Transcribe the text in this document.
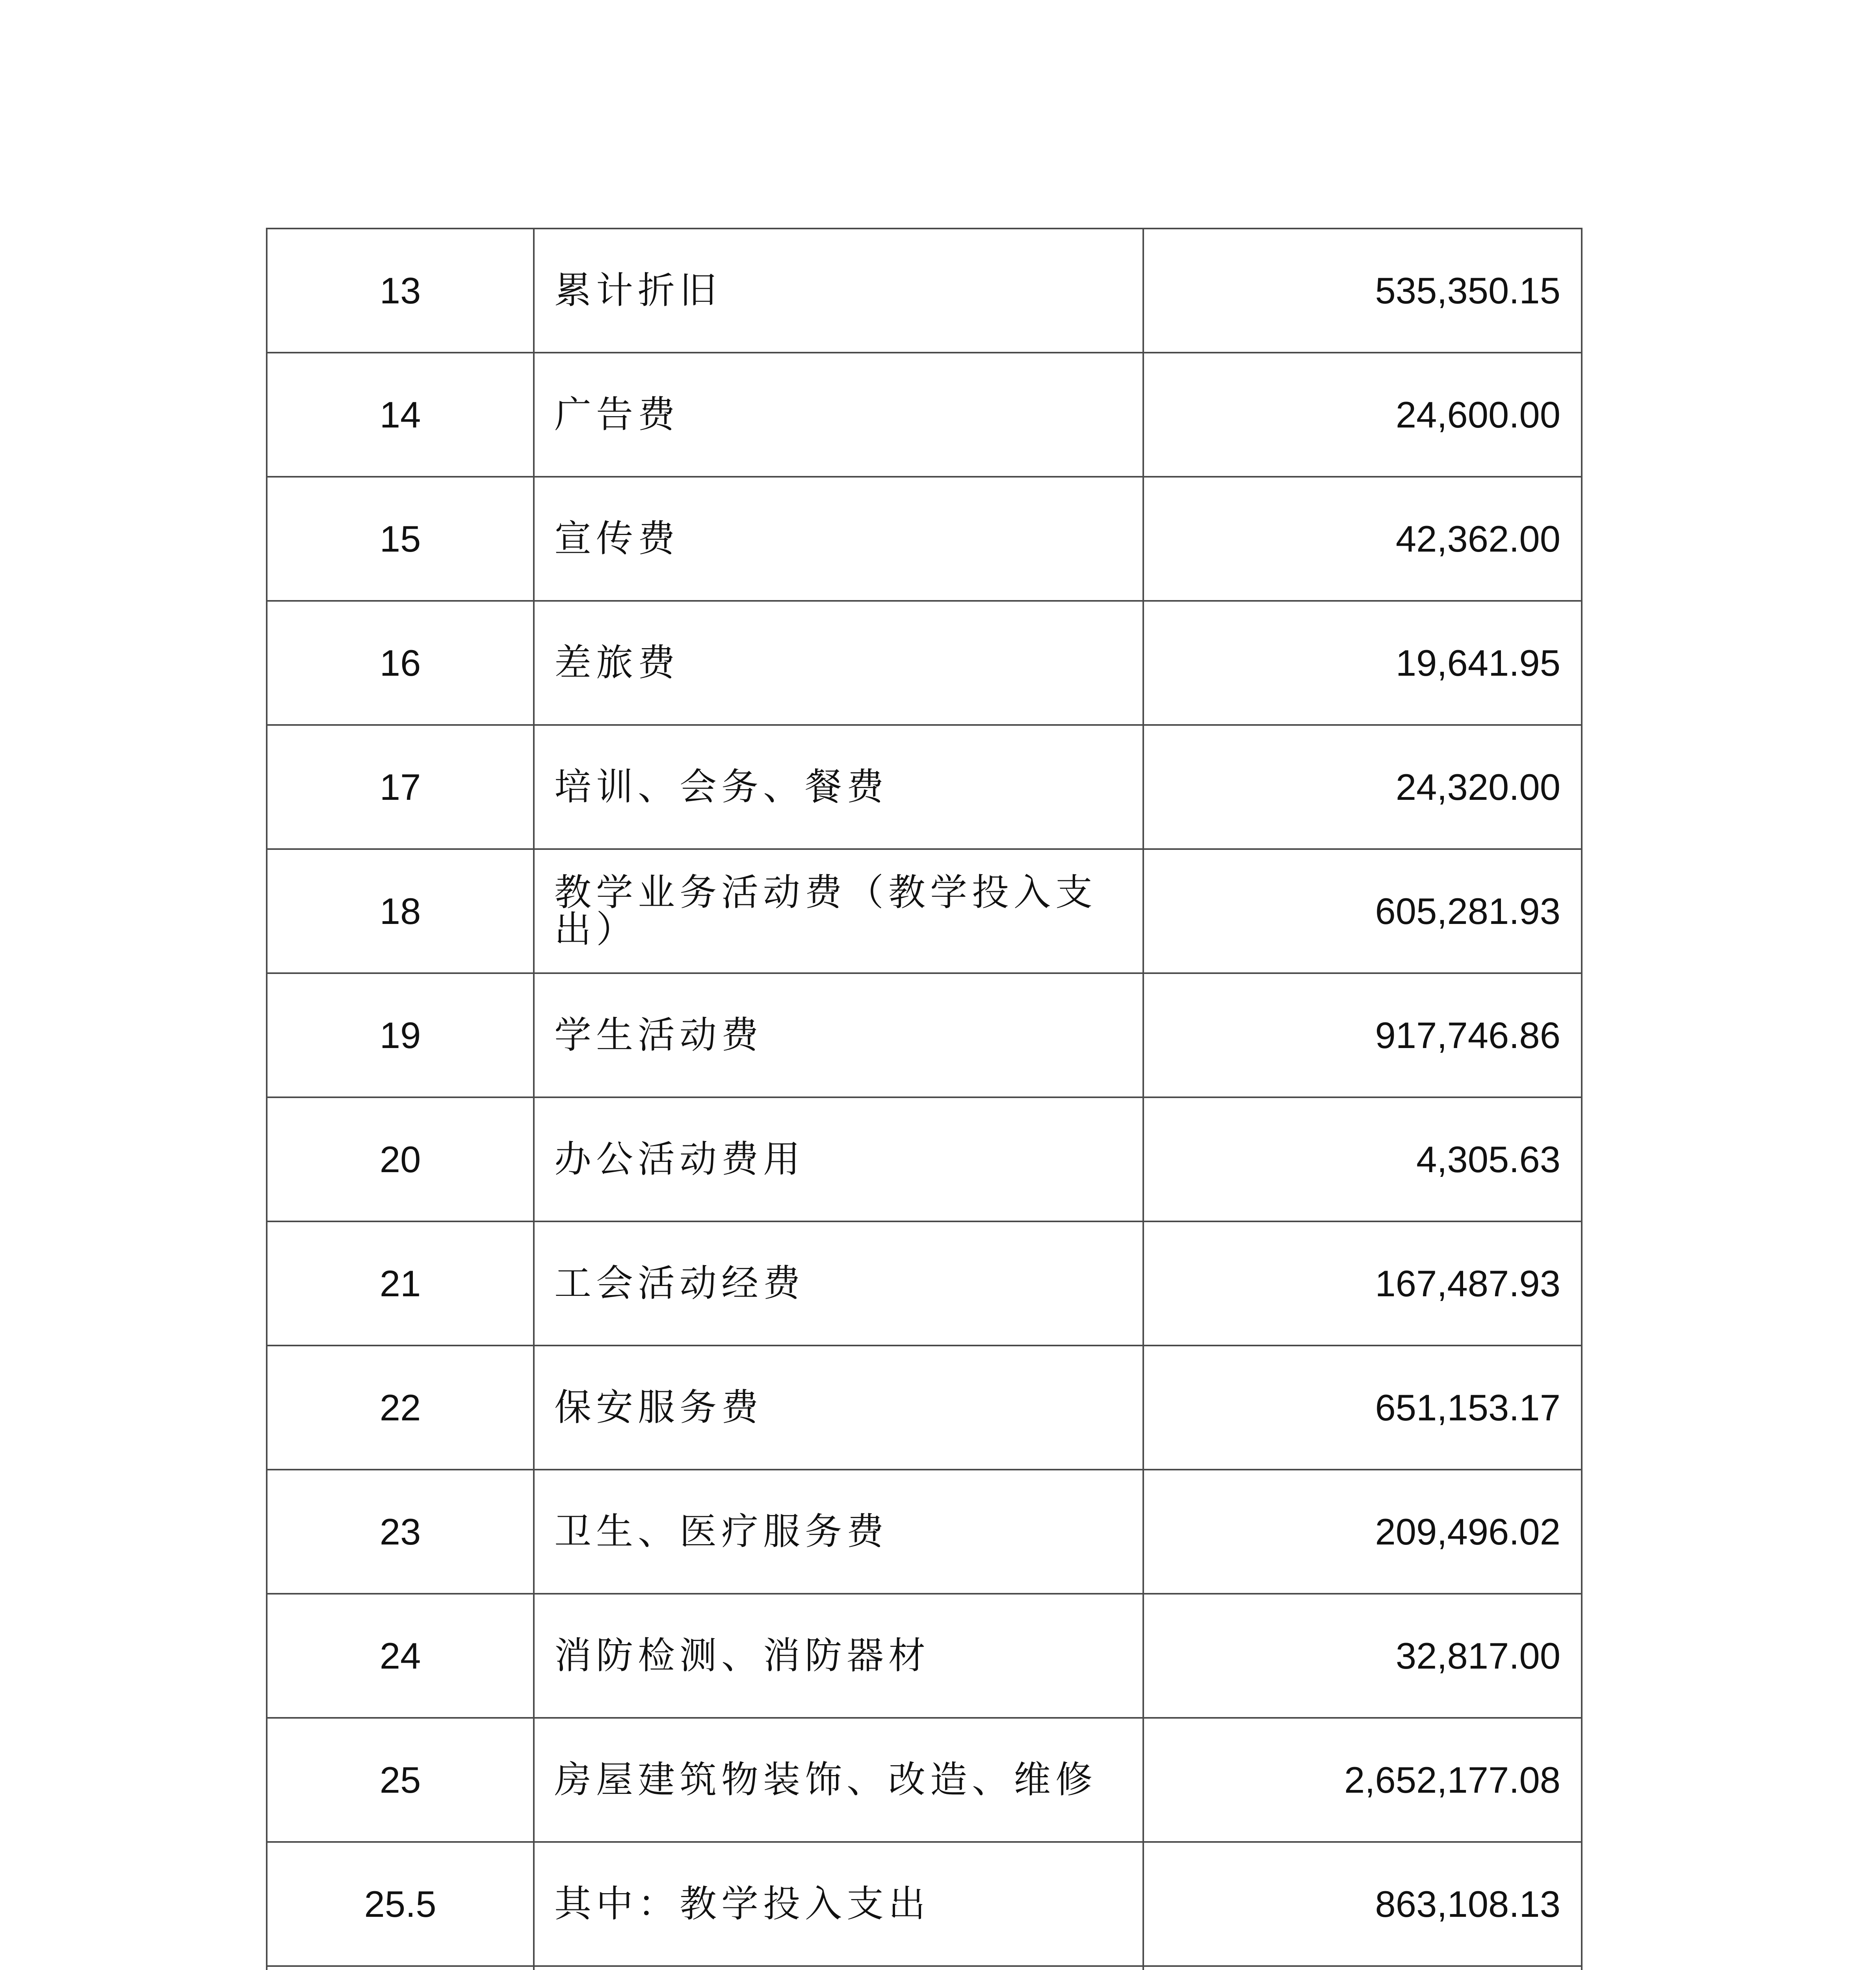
13	累计折旧	535,350.15
14	广告费	24,600.00
15	宣传费	42,362.00
16	差旅费	19,641.95
17	培训、会务、餐费	24,320.00
18	教学业务活动费（教学投入支出）	605,281.93
19	学生活动费	917,746.86
20	办公活动费用	4,305.63
21	工会活动经费	167,487.93
22	保安服务费	651,153.17
23	卫生、医疗服务费	209,496.02
24	消防检测、消防器材	32,817.00
25	房屋建筑物装饰、改造、维修	2,652,177.08
25.5	其中：教学投入支出	863,108.13
